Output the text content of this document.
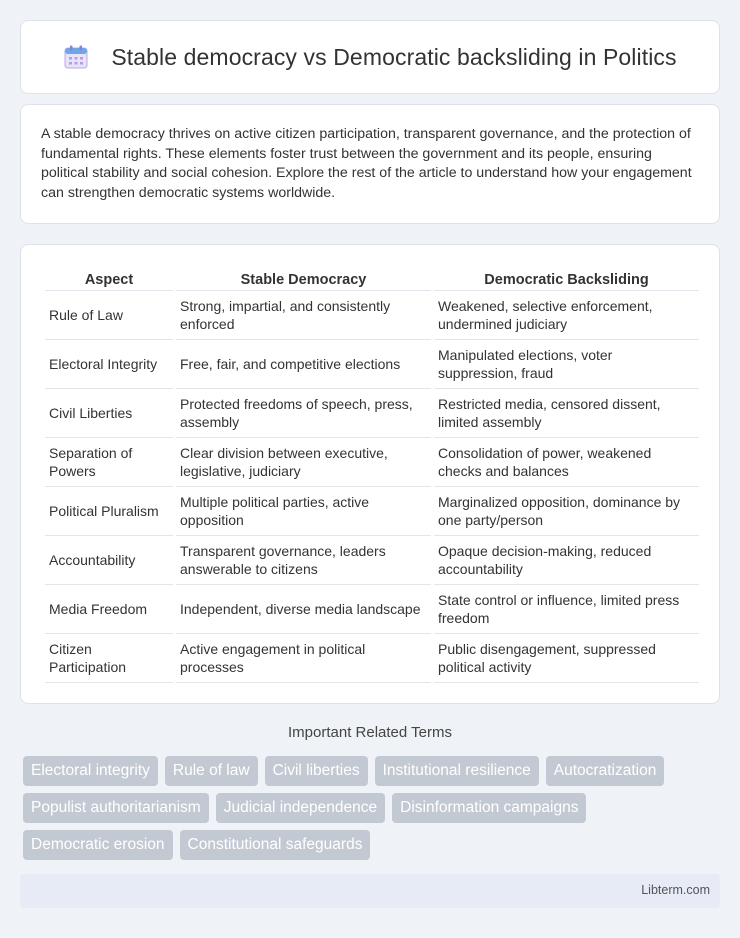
Stable democracy vs Democratic backsliding in Politics

A stable democracy thrives on active citizen participation, transparent governance, and the protection of fundamental rights. These elements foster trust between the government and its people, ensuring political stability and social cohesion. Explore the rest of the article to understand how your engagement can strengthen democratic systems worldwide.

Aspect	Stable Democracy	Democratic Backsliding
Rule of Law	Strong, impartial, and consistently enforced	Weakened, selective enforcement, undermined judiciary
Electoral Integrity	Free, fair, and competitive elections	Manipulated elections, voter suppression, fraud
Civil Liberties	Protected freedoms of speech, press, assembly	Restricted media, censored dissent, limited assembly
Separation of Powers	Clear division between executive, legislative, judiciary	Consolidation of power, weakened checks and balances
Political Pluralism	Multiple political parties, active opposition	Marginalized opposition, dominance by one party/person
Accountability	Transparent governance, leaders answerable to citizens	Opaque decision-making, reduced accountability
Media Freedom	Independent, diverse media landscape	State control or influence, limited press freedom
Citizen Participation	Active engagement in political processes	Public disengagement, suppressed political activity
Important Related Terms
Electoral integrity	Rule of law	Civil liberties	Institutional resilience	Autocratization
Populist authoritarianism	Judicial independence	Disinformation campaigns
Democratic erosion	Constitutional safeguards
Libterm.com
